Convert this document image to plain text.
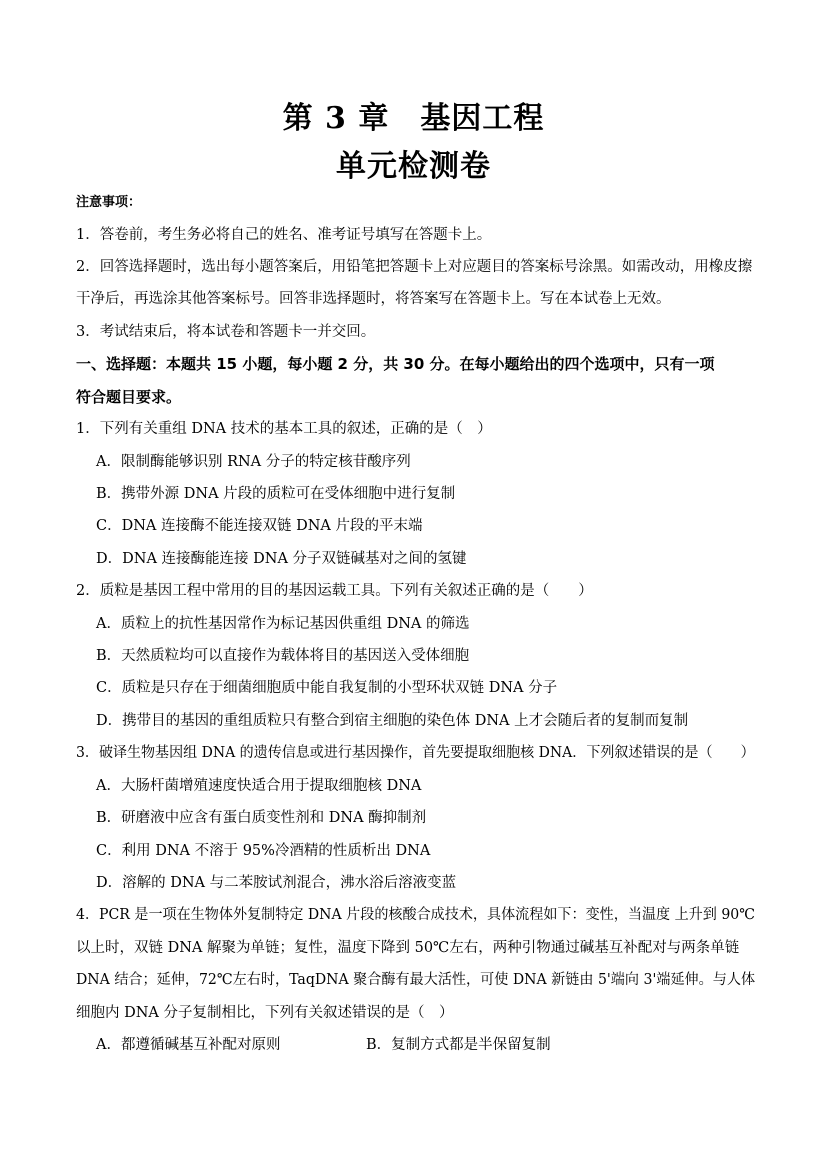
第 3 章　基因工程
单元检测卷
注意事项：
1．答卷前，考生务必将自己的姓名、准考证号填写在答题卡上。
2．回答选择题时，选出每小题答案后，用铅笔把答题卡上对应题目的答案标号涂黑。如需改动，用橡皮擦
干净后，再选涂其他答案标号。回答非选择题时，将答案写在答题卡上。写在本试卷上无效。
3．考试结束后，将本试卷和答题卡一并交回。
一、选择题：本题共 15 小题，每小题 2 分，共 30 分。在每小题给出的四个选项中，只有一项
符合题目要求。
1．下列有关重组 DNA 技术的基本工具的叙述，正确的是（　）
A．限制酶能够识别 RNA 分子的特定核苷酸序列
B．携带外源 DNA 片段的质粒可在受体细胞中进行复制
C．DNA 连接酶不能连接双链 DNA 片段的平末端
D．DNA 连接酶能连接 DNA 分子双链碱基对之间的氢键
2．质粒是基因工程中常用的目的基因运载工具。下列有关叙述正确的是（　　）
A．质粒上的抗性基因常作为标记基因供重组 DNA 的筛选
B．天然质粒均可以直接作为载体将目的基因送入受体细胞
C．质粒是只存在于细菌细胞质中能自我复制的小型环状双链 DNA 分子
D．携带目的基因的重组质粒只有整合到宿主细胞的染色体 DNA 上才会随后者的复制而复制
3．破译生物基因组 DNA 的遗传信息或进行基因操作，首先要提取细胞核 DNA．下列叙述错误的是（　　）
A．大肠杆菌增殖速度快适合用于提取细胞核 DNA
B．研磨液中应含有蛋白质变性剂和 DNA 酶抑制剂
C．利用 DNA 不溶于 95%冷酒精的性质析出 DNA
D．溶解的 DNA 与二苯胺试剂混合，沸水浴后溶液变蓝
4．PCR 是一项在生物体外复制特定 DNA 片段的核酸合成技术，具体流程如下：变性，当温度 上升到 90℃
以上时，双链 DNA 解聚为单链；复性，温度下降到 50℃左右，两种引物通过碱基互补配对与两条单链
DNA 结合；延伸，72℃左右时，TaqDNA 聚合酶有最大活性，可使 DNA 新链由 5'端向 3'端延伸。与人体
细胞内 DNA 分子复制相比，下列有关叙述错误的是（　）
A．都遵循碱基互补配对原则	B．复制方式都是半保留复制
